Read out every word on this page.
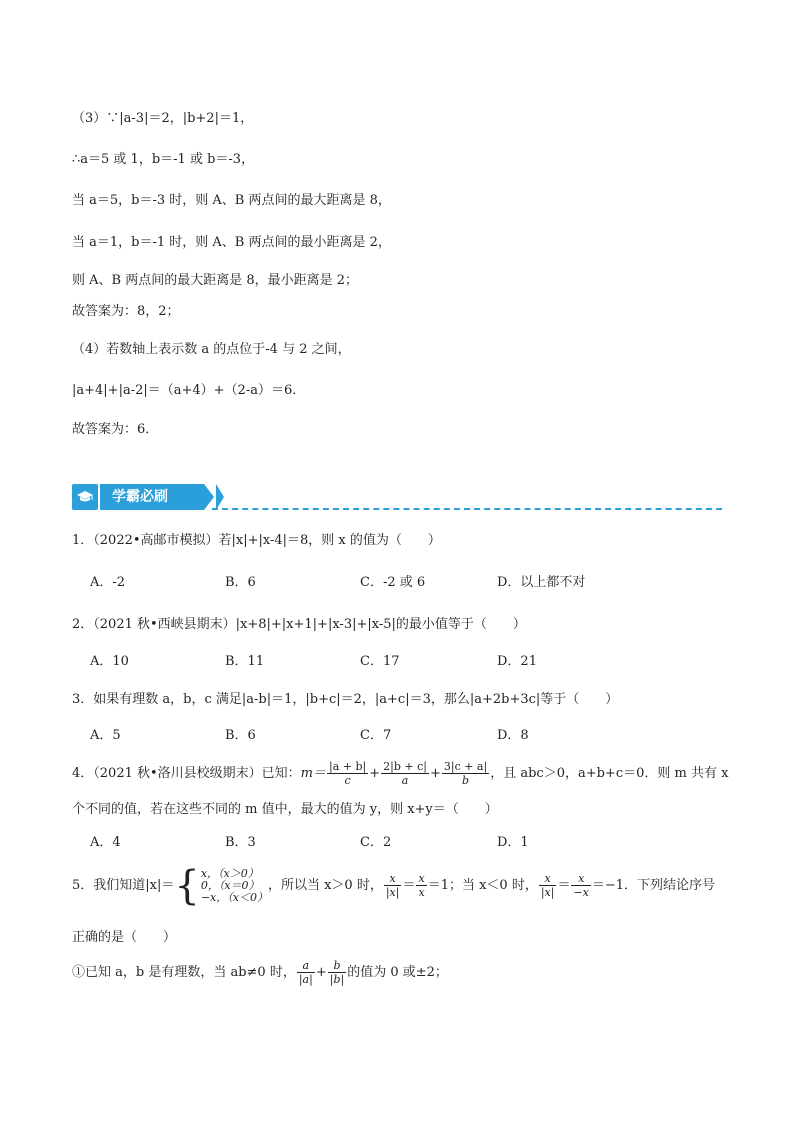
（3）∵|a-3|＝2，|b+2|＝1，
∴a＝5 或 1，b＝-1 或 b＝-3，
当 a＝5，b＝-3 时，则 A、B 两点间的最大距离是 8，
当 a＝1，b＝-1 时，则 A、B 两点间的最小距离是 2，
则 A、B 两点间的最大距离是 8，最小距离是 2；
故答案为：8，2；
（4）若数轴上表示数 a 的点位于-4 与 2 之间，
|a+4|+|a-2|＝（a+4）+（2-a）＝6．
故答案为：6．
学霸必刷
1．（2022•高邮市模拟）若|x|+|x-4|＝8，则 x 的值为（　　）
A．-2	B．6	C．-2 或 6	D．以上都不对
2．（2021 秋•西峡县期末）|x+8|+|x+1|+|x-3|+|x-5|的最小值等于（　　）
A．10	B．11	C．17	D．21
3．如果有理数 a，b，c 满足|a-b|＝1，|b+c|＝2，|a+c|＝3，那么|a+2b+3c|等于（　　）
A．5	B．6	C．7	D．8
4．（2021 秋•洛川县校级期末）已知：$m= \frac{|a + b|}{c} + \frac{2|b + c|}{a} + \frac{3|c + a|}{b}$ ，且 abc＞0，a+b+c＝0．则 m 共有 x
个不同的值，若在这些不同的 m 值中，最大的值为 y，则 x+y＝（　　）
A．4	B．3	C．2	D．1
5．我们知道|x|＝{ x，（x＞0）
0，（x＝0）
−x，（x＜0）
，所以当 x＞0 时， $\frac{x}{|x|} = \frac{x}{x} =1$；当 x＜0 时， $\frac{x}{|x|} = \frac{x}{-x} =-1$．下列结论序号
正确的是（　　）
①已知 a，b 是有理数，当 ab≠0 时， $\frac{a}{|a|} + \frac{b}{|b|}$ 的值为 0 或±2；
